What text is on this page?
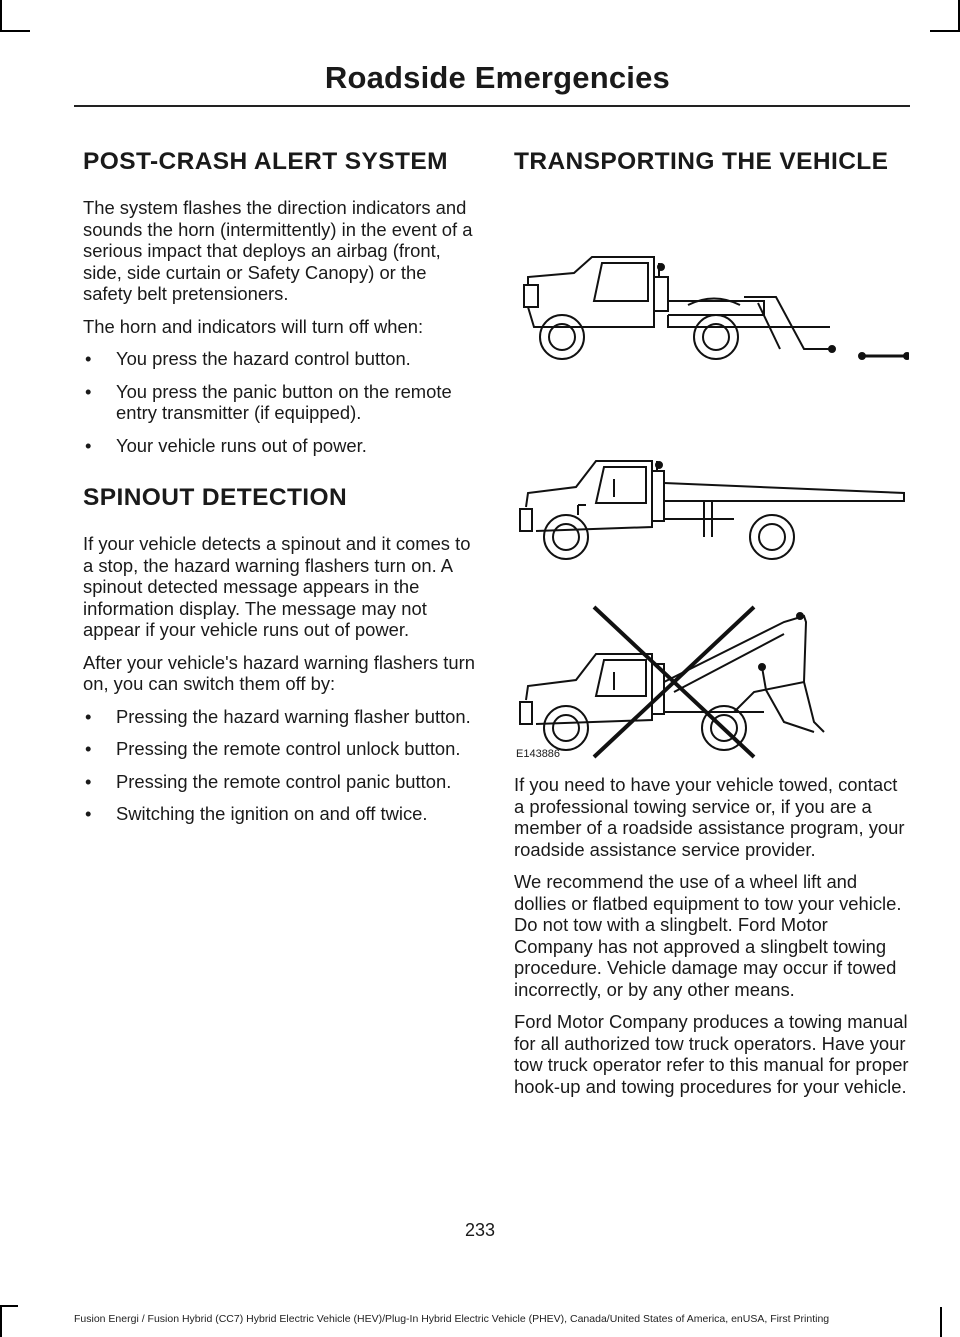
Roadside Emergencies
POST-CRASH ALERT SYSTEM

The system flashes the direction indicators and sounds the horn (intermittently) in the event of a serious impact that deploys an airbag (front, side, side curtain or Safety Canopy) or the safety belt pretensioners.

The horn and indicators will turn off when:

• You press the hazard control button.
• You press the panic button on the remote entry transmitter (if equipped).
• Your vehicle runs out of power.
SPINOUT DETECTION

If your vehicle detects a spinout and it comes to a stop, the hazard warning flashers turn on. A spinout detected message appears in the information display. The message may not appear if your vehicle runs out of power.

After your vehicle's hazard warning flashers turn on, you can switch them off by:

• Pressing the hazard warning flasher button.
• Pressing the remote control unlock button.
• Pressing the remote control panic button.
• Switching the ignition on and off twice.
TRANSPORTING THE VEHICLE
E143886

If you need to have your vehicle towed, contact a professional towing service or, if you are a member of a roadside assistance program, your roadside assistance service provider.

We recommend the use of a wheel lift and dollies or flatbed equipment to tow your vehicle. Do not tow with a slingbelt. Ford Motor Company has not approved a slingbelt towing procedure. Vehicle damage may occur if towed incorrectly, or by any other means.

Ford Motor Company produces a towing manual for all authorized tow truck operators. Have your tow truck operator refer to this manual for proper hook-up and towing procedures for your vehicle.

233
Fusion Energi / Fusion Hybrid (CC7) Hybrid Electric Vehicle (HEV)/Plug-In Hybrid Electric Vehicle (PHEV), Canada/United States of America, enUSA, First Printing
